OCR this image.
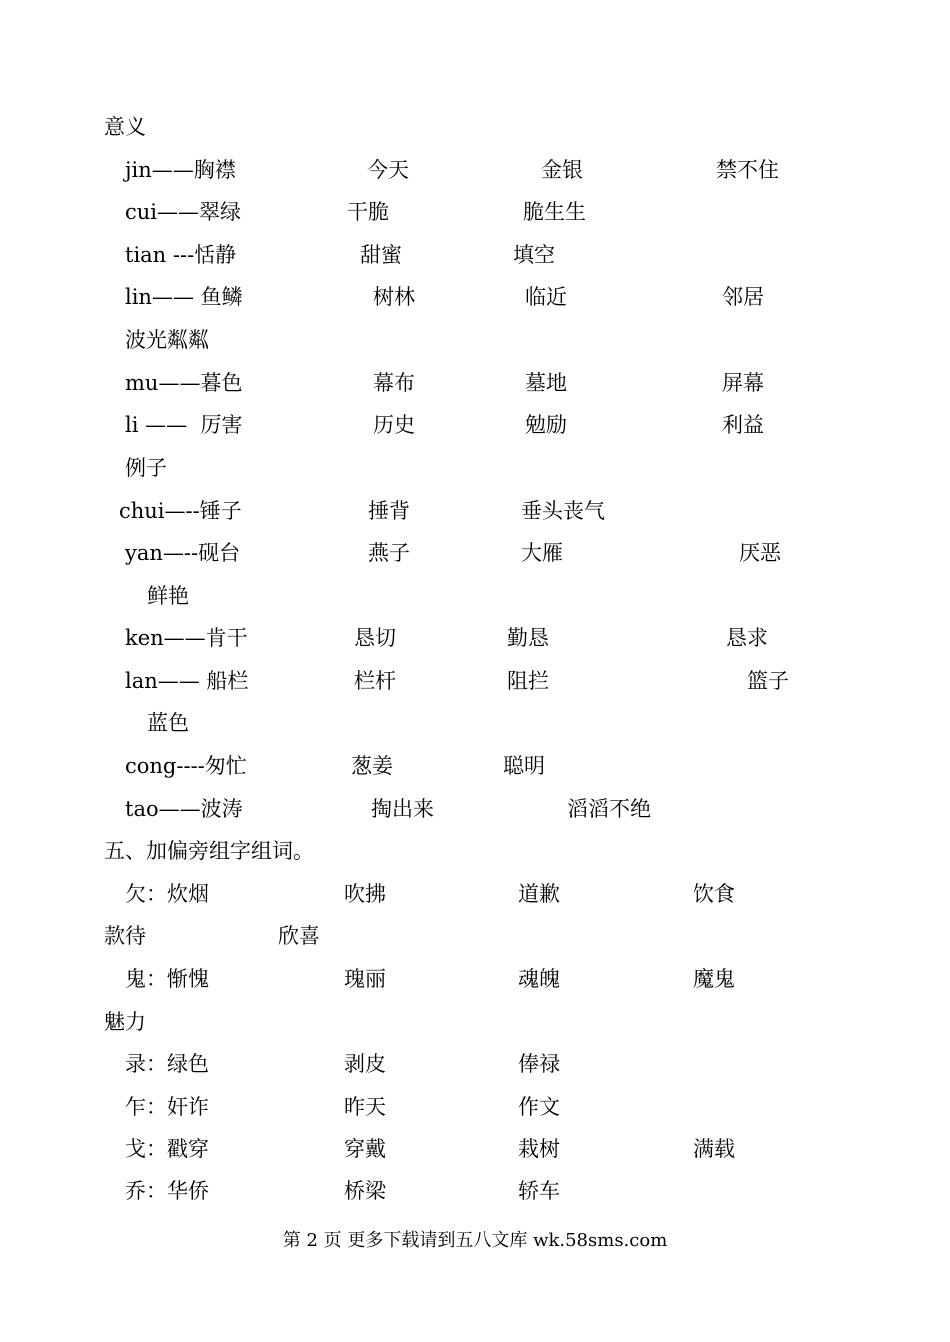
意义
jin——胸襟	今天	金银	禁不住
cui——翠绿	干脆	脆生生
tian ---恬静	甜蜜	填空
lin—— 鱼鳞	树林	临近	邻居
波光粼粼
mu——暮色	幕布	墓地	屏幕
li ——  厉害	历史	勉励	利益
例子
chui—--锤子	捶背	垂头丧气
yan—--砚台	燕子	大雁	厌恶
鲜艳
ken——肯干	恳切	勤恳	恳求
lan—— 船栏	栏杆	阻拦	篮子
蓝色
cong----匆忙	葱姜	聪明
tao——波涛	掏出来	滔滔不绝
五、加偏旁组字组词。
欠：炊烟	吹拂	道歉	饮食
款待	欣喜
鬼：惭愧	瑰丽	魂魄	魔鬼
魅力
录：绿色	剥皮	俸禄
乍：奸诈	昨天	作文
戈：戳穿	穿戴	栽树	满载
乔：华侨	桥梁	轿车
第 2 页 更多下载请到五八文库 wk.58sms.com
